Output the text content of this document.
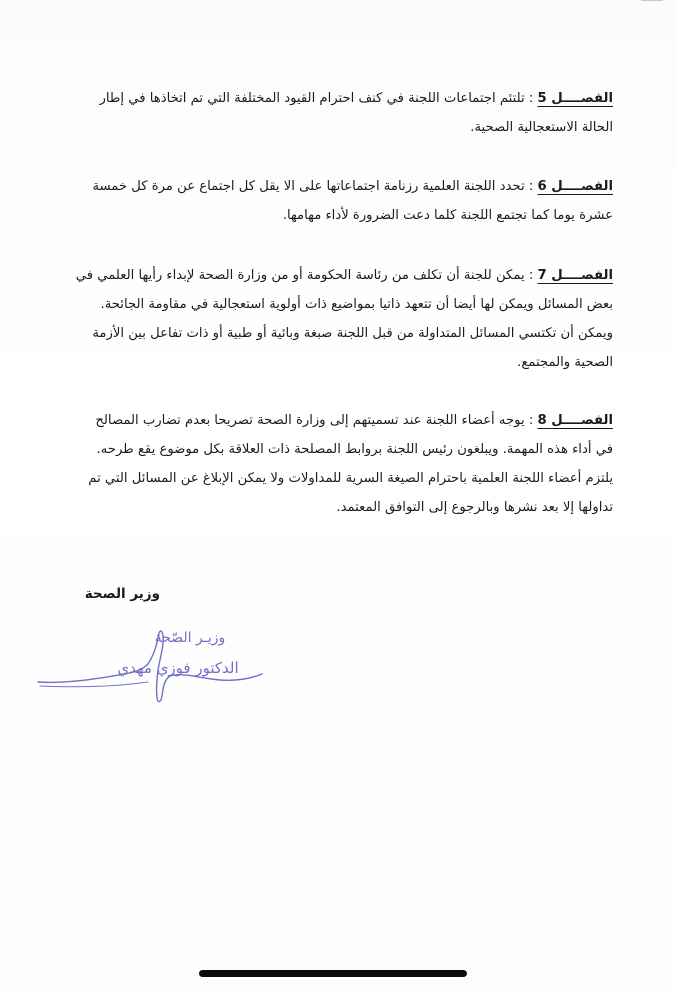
الفصــــل 5 : تلتئم اجتماعات اللجنة في كنف احترام القيود المختلفة التي تم اتخاذها في إطار
الحالة الاستعجالية الصحية.
الفصــــل 6 : تحدد اللجنة العلمية رزنامة اجتماعاتها على الا يقل كل اجتماع عن مرة كل خمسة
عشرة يوما كما تجتمع اللجنة كلما دعت الضرورة لأداء مهامها.
الفصــــل 7 : يمكن للجنة أن تكلف من رئاسة الحكومة أو من وزارة الصحة لإبداء رأيها العلمي في
بعض المسائل ويمكن لها أيضا أن تتعهد ذاتيا بمواضيع ذات أولوية استعجالية في مقاومة الجائحة.
ويمكن أن تكتسي المسائل المتداولة من قبل اللجنة صبغة وبائية أو طبية أو ذات تفاعل بين الأزمة
الصحية والمجتمع.
الفصــــل 8 : يوجه أعضاء اللجنة عند تسميتهم إلى وزارة الصحة تصريحا بعدم تضارب المصالح
في أداء هذه المهمة. ويبلغون رئيس اللجنة بروابط المصلحة ذات العلاقة بكل موضوع يقع طرحه.
يلتزم أعضاء اللجنة العلمية باحترام الصيغة السرية للمداولات ولا يمكن الإبلاغ عن المسائل التي تم
تداولها إلا بعد نشرها وبالرجوع إلى التوافق المعتمد.
وزير الصحة
وزيـر الصّحة
الدكتور فوزي مهدي
